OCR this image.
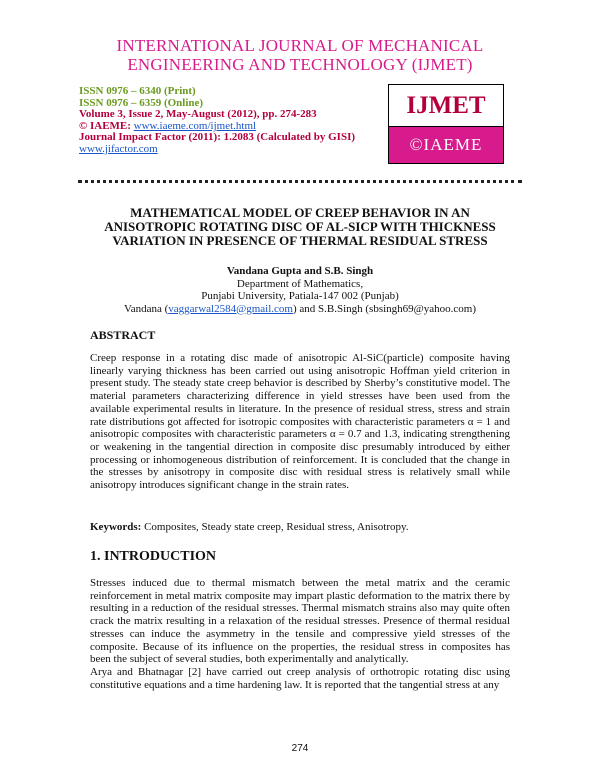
INTERNATIONAL JOURNAL OF MECHANICAL
ENGINEERING AND TECHNOLOGY (IJMET)
ISSN 0976 – 6340 (Print)
ISSN 0976 – 6359 (Online)
Volume 3, Issue 2, May-August (2012), pp. 274-283
© IAEME: www.iaeme.com/ijmet.html
Journal Impact Factor (2011): 1.2083 (Calculated by GISI)
www.jifactor.com
IJMET
©IAEME
MATHEMATICAL MODEL OF CREEP BEHAVIOR IN AN ANISOTROPIC ROTATING DISC OF AL-SICP WITH THICKNESS VARIATION IN PRESENCE OF THERMAL RESIDUAL STRESS
Vandana Gupta and S.B. Singh
Department of Mathematics,
Punjabi University, Patiala-147 002 (Punjab)
Vandana (vaggarwal2584@gmail.com) and S.B.Singh (sbsingh69@yahoo.com)
ABSTRACT
Creep response in a rotating disc made of anisotropic Al-SiC(particle) composite having linearly varying thickness has been carried out using anisotropic Hoffman yield criterion in present study. The steady state creep behavior is described by Sherby’s constitutive model. The material parameters characterizing difference in yield stresses have been used from the available experimental results in literature. In the presence of residual stress, stress and strain rate distributions got affected for isotropic composites with characteristic parameters α = 1 and anisotropic composites with characteristic parameters α = 0.7 and 1.3, indicating strengthening or weakening in the tangential direction in composite disc presumably introduced by either processing or inhomogeneous distribution of reinforcement. It is concluded that the change in the stresses by anisotropy in composite disc with residual stress is relatively small while anisotropy introduces significant change in the strain rates.
Keywords: Composites, Steady state creep, Residual stress, Anisotropy.
1. INTRODUCTION
Stresses induced due to thermal mismatch between the metal matrix and the ceramic reinforcement in metal matrix composite may impart plastic deformation to the matrix there by resulting in a reduction of the residual stresses. Thermal mismatch strains also may quite often crack the matrix resulting in a relaxation of the residual stresses. Presence of thermal residual stresses can induce the asymmetry in the tensile and compressive yield stresses of the composite. Because of its influence on the properties, the residual stress in composites has been the subject of several studies, both experimentally and analytically.
Arya and Bhatnagar [2] have carried out creep analysis of orthotropic rotating disc using constitutive equations and a time hardening law. It is reported that the tangential stress at any
274
